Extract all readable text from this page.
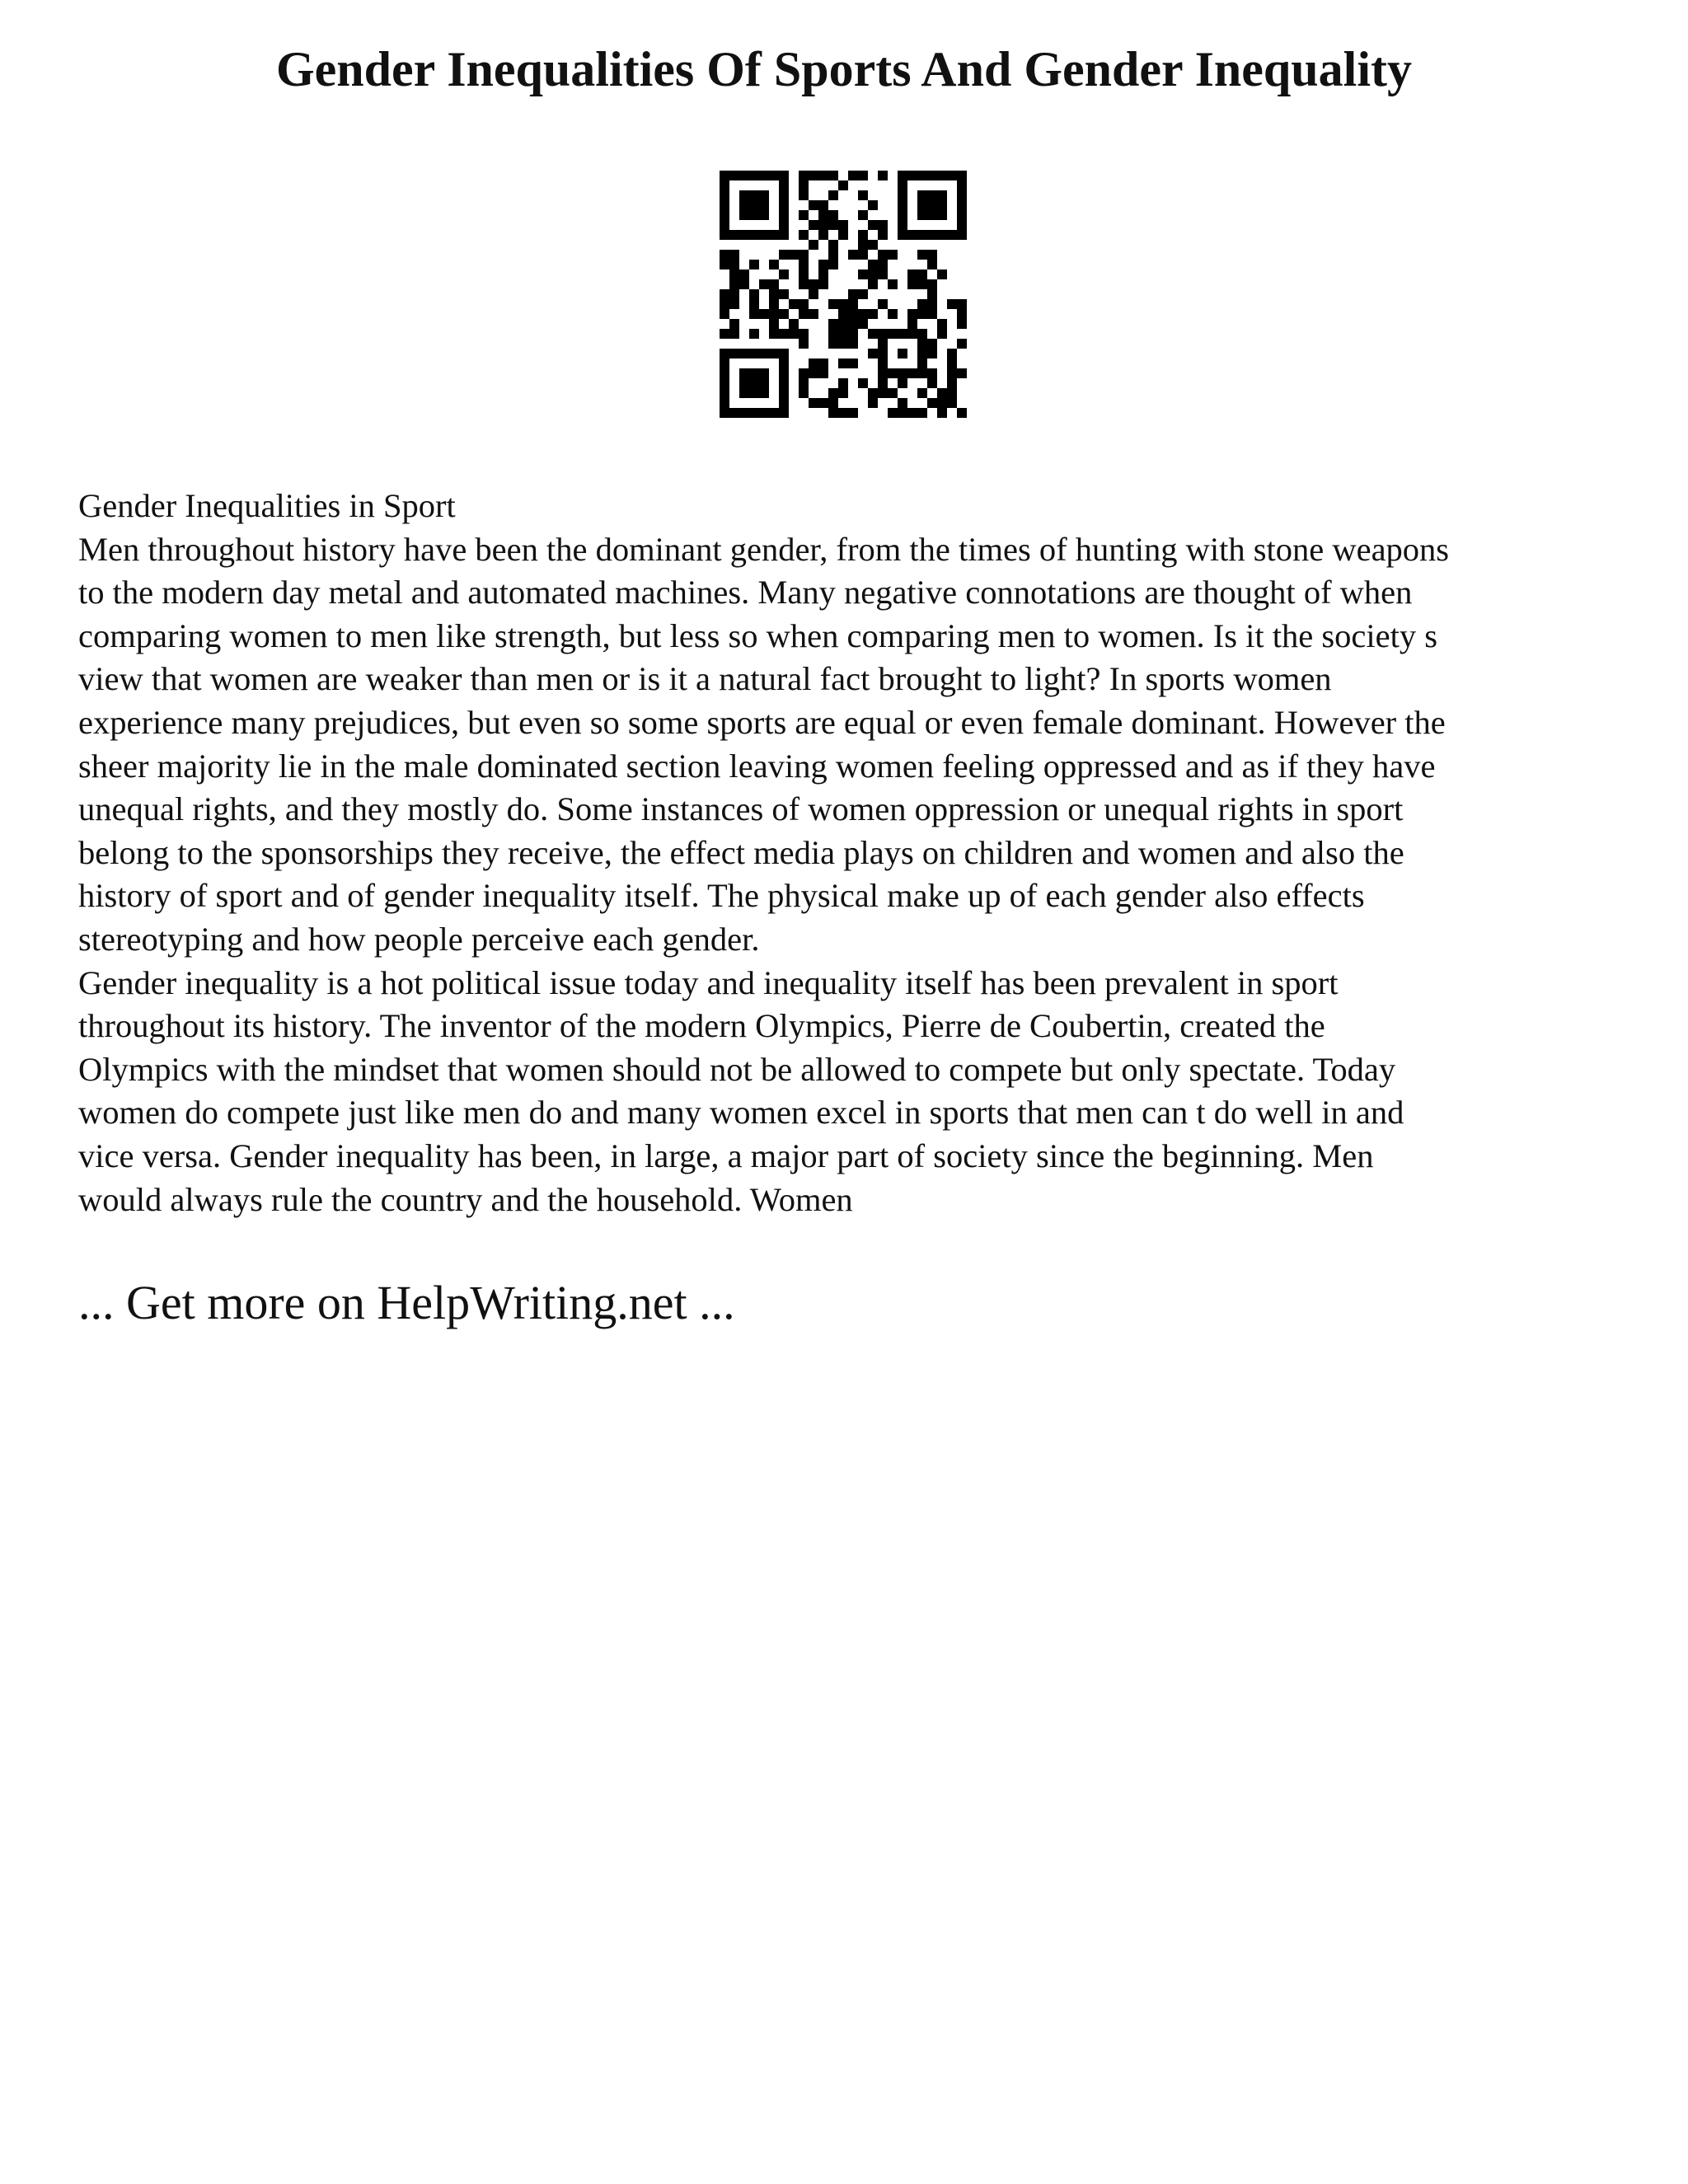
Gender Inequalities Of Sports And Gender Inequality

Gender Inequalities in Sport

Men throughout history have been the dominant gender, from the times of hunting with stone weapons
to the modern day metal and automated machines. Many negative connotations are thought of when
comparing women to men like strength, but less so when comparing men to women. Is it the society s
view that women are weaker than men or is it a natural fact brought to light? In sports women
experience many prejudices, but even so some sports are equal or even female dominant. However the
sheer majority lie in the male dominated section leaving women feeling oppressed and as if they have
unequal rights, and they mostly do. Some instances of women oppression or unequal rights in sport
belong to the sponsorships they receive, the effect media plays on children and women and also the
history of sport and of gender inequality itself. The physical make up of each gender also effects
stereotyping and how people perceive each gender.

Gender inequality is a hot political issue today and inequality itself has been prevalent in sport
throughout its history. The inventor of the modern Olympics, Pierre de Coubertin, created the
Olympics with the mindset that women should not be allowed to compete but only spectate. Today
women do compete just like men do and many women excel in sports that men can t do well in and
vice versa. Gender inequality has been, in large, a major part of society since the beginning. Men
would always rule the country and the household. Women

... Get more on HelpWriting.net ...
